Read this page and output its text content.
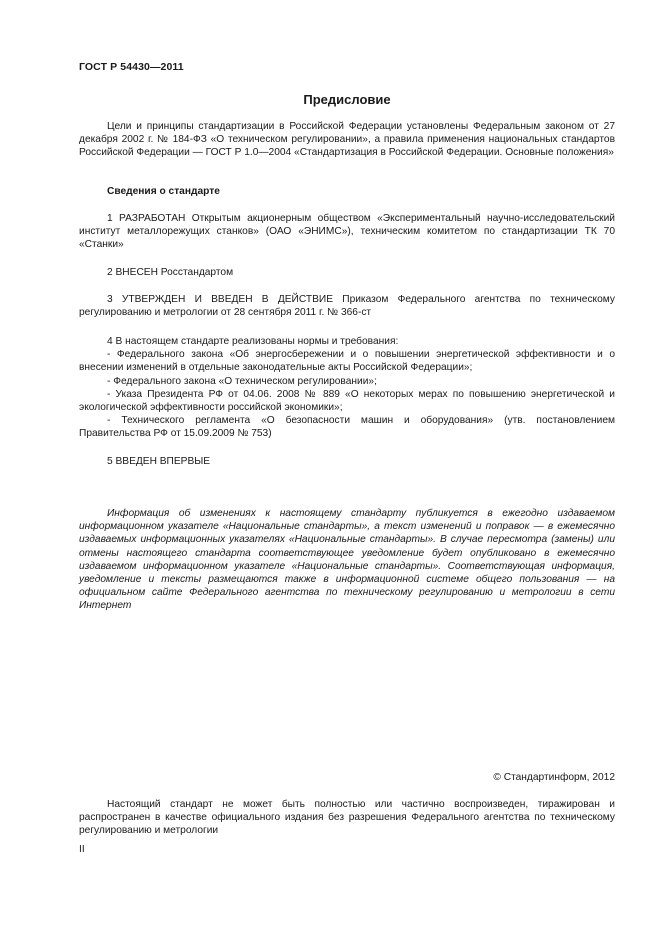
ГОСТ Р 54430—2011
Предисловие

Цели и принципы стандартизации в Российской Федерации установлены Федеральным законом от 27 декабря 2002 г. № 184-ФЗ «О техническом регулировании», а правила применения национальных стандартов Российской Федерации — ГОСТ Р 1.0—2004 «Стандартизация в Российской Федерации. Основные положения»

Сведения о стандарте

1 РАЗРАБОТАН Открытым акционерным обществом «Экспериментальный научно-исследовательский институт металлорежущих станков» (ОАО «ЭНИМС»), техническим комитетом по стандартизации ТК 70 «Станки»

2 ВНЕСЕН Росстандартом

3 УТВЕРЖДЕН И ВВЕДЕН В ДЕЙСТВИЕ Приказом Федерального агентства по техническому регулированию и метрологии от 28 сентября 2011 г. № 366-ст

4 В настоящем стандарте реализованы нормы и требования:

- Федерального закона «Об энергосбережении и о повышении энергетической эффективности и о внесении изменений в отдельные законодательные акты Российской Федерации»;

- Федерального закона «О техническом регулировании»;

- Указа Президента РФ от 04.06. 2008 № 889 «О некоторых мерах по повышению энергетической и экологической эффективности российской экономики»;

- Технического регламента «О безопасности машин и оборудования» (утв. постановлением Правительства РФ от 15.09.2009 № 753)

5 ВВЕДЕН ВПЕРВЫЕ

Информация об изменениях к настоящему стандарту публикуется в ежегодно издаваемом информационном указателе «Национальные стандарты», а текст изменений и поправок — в ежемесячно издаваемых информационных указателях «Национальные стандарты». В случае пересмотра (замены) или отмены настоящего стандарта соответствующее уведомление будет опубликовано в ежемесячно издаваемом информационном указателе «Национальные стандарты». Соответствующая информация, уведомление и тексты размещаются также в информационной системе общего пользования — на официальном сайте Федерального агентства по техническому регулированию и метрологии в сети Интернет

© Стандартинформ, 2012

Настоящий стандарт не может быть полностью или частично воспроизведен, тиражирован и распространен в качестве официального издания без разрешения Федерального агентства по техническому регулированию и метрологии

II
